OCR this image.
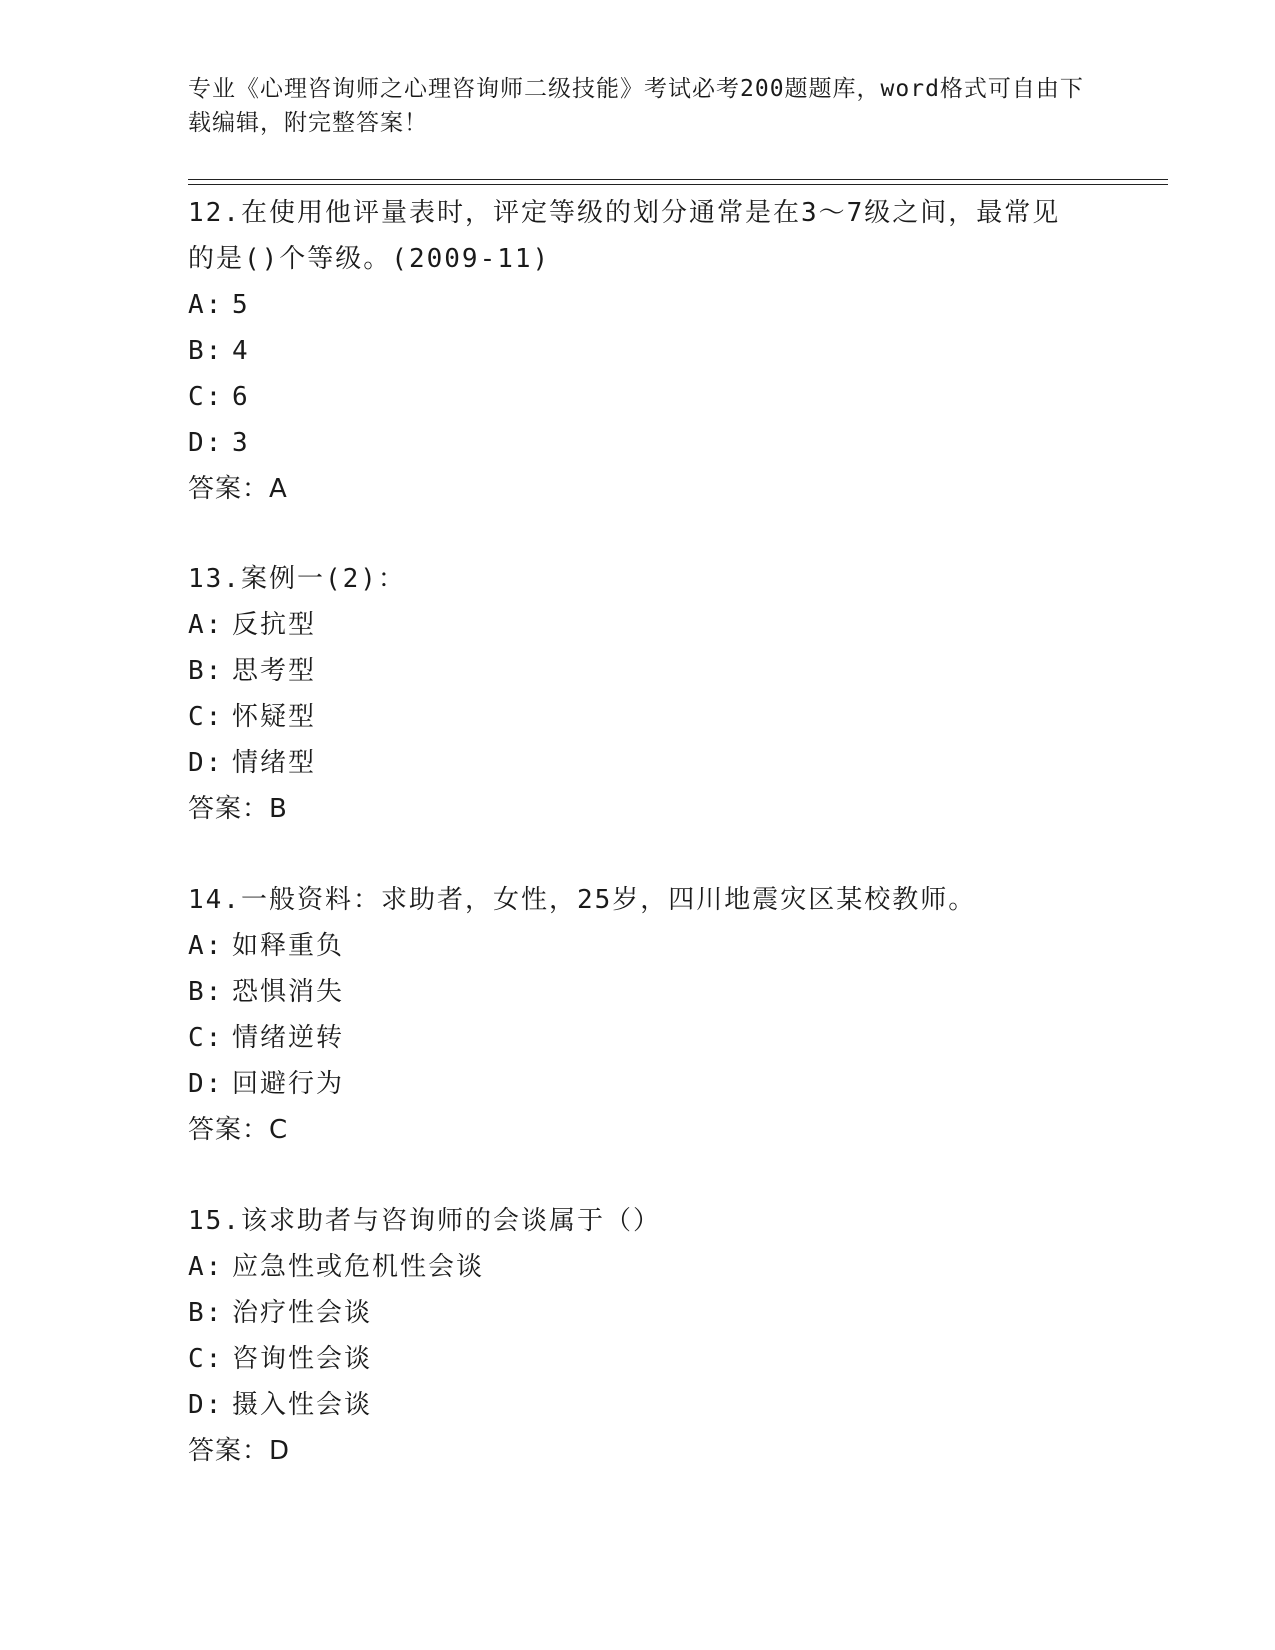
专业《心理咨询师之心理咨询师二级技能》考试必考200题题库，word格式可自由下载编辑，附完整答案！
12.在使用他评量表时，评定等级的划分通常是在3～7级之间，最常见的是()个等级。(2009-11)
A: 5
B: 4
C: 6
D: 3
答案：A
13.案例一(2)：
A: 反抗型
B: 思考型
C: 怀疑型
D: 情绪型
答案：B
14.一般资料：求助者，女性，25岁，四川地震灾区某校教师。
A: 如释重负
B: 恐惧消失
C: 情绪逆转
D: 回避行为
答案：C
15.该求助者与咨询师的会谈属于（）
A: 应急性或危机性会谈
B: 治疗性会谈
C: 咨询性会谈
D: 摄入性会谈
答案：D
